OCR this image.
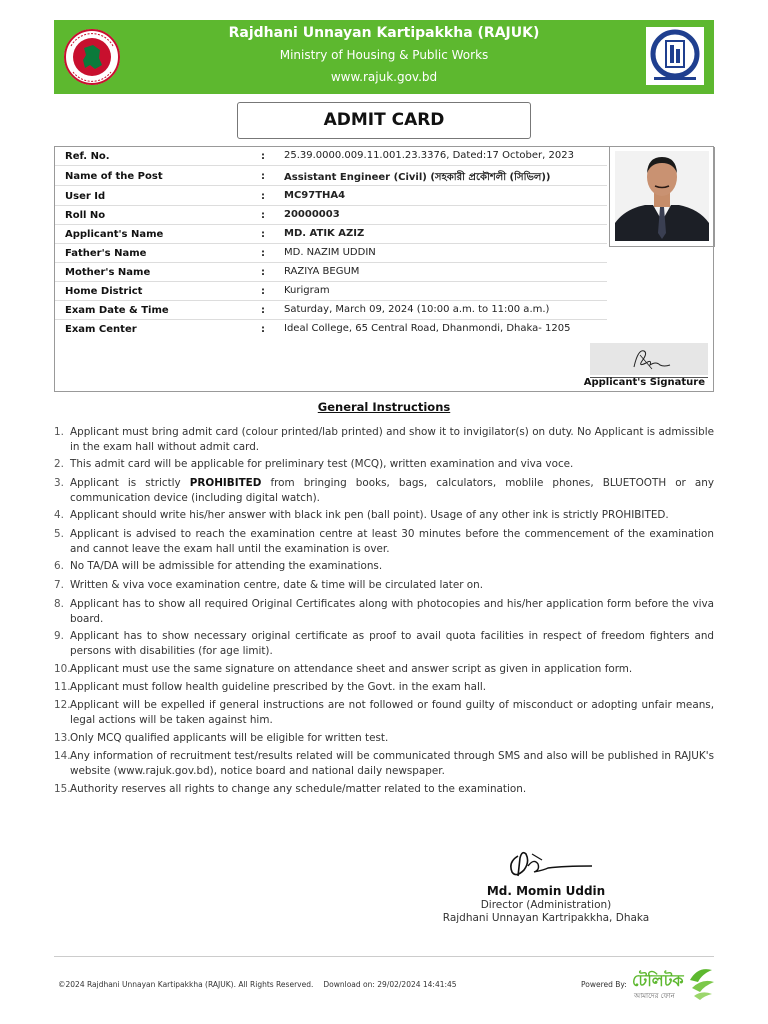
Rajdhani Unnayan Kartipakkha (RAJUK)
Ministry of Housing & Public Works
www.rajuk.gov.bd
ADMIT CARD
Ref. No.	: 25.39.0000.009.11.001.23.3376, Dated:17 October, 2023
Name of the Post	: Assistant Engineer (Civil) (সহকারী প্রকৌশলী (সিভিল))
User Id	: MC97THA4
Roll No	: 20000003
Applicant's Name	: MD. ATIK AZIZ
Father's Name	: MD. NAZIM UDDIN
Mother's Name	: RAZIYA BEGUM
Home District	: Kurigram
Exam Date & Time	: Saturday, March 09, 2024 (10:00 a.m. to 11:00 a.m.)
Exam Center	: Ideal College, 65 Central Road, Dhanmondi, Dhaka- 1205
Applicant's Signature
General Instructions
1. Applicant must bring admit card (colour printed/lab printed) and show it to invigilator(s) on duty. No Applicant is admissible in the exam hall without admit card.
2. This admit card will be applicable for preliminary test (MCQ), written examination and viva voce.
3. Applicant is strictly PROHIBITED from bringing books, bags, calculators, moblile phones, BLUETOOTH or any communication device (including digital watch).
4. Applicant should write his/her answer with black ink pen (ball point). Usage of any other ink is strictly PROHIBITED.
5. Applicant is advised to reach the examination centre at least 30 minutes before the commencement of the examination and cannot leave the exam hall until the examination is over.
6. No TA/DA will be admissible for attending the examinations.
7. Written & viva voce examination centre, date & time will be circulated later on.
8. Applicant has to show all required Original Certificates along with photocopies and his/her application form before the viva board.
9. Applicant has to show necessary original certificate as proof to avail quota facilities in respect of freedom fighters and persons with disabilities (for age limit).
10. Applicant must use the same signature on attendance sheet and answer script as given in application form.
11. Applicant must follow health guideline prescribed by the Govt. in the exam hall.
12. Applicant will be expelled if general instructions are not followed or found guilty of misconduct or adopting unfair means, legal actions will be taken against him.
13. Only MCQ qualified applicants will be eligible for written test.
14. Any information of recruitment test/results related will be communicated through SMS and also will be published in RAJUK's website (www.rajuk.gov.bd), notice board and national daily newspaper.
15. Authority reserves all rights to change any schedule/matter related to the examination.
Md. Momin Uddin
Director (Administration)
Rajdhani Unnayan Kartripakkha, Dhaka
©2024 Rajdhani Unnayan Kartipakkha (RAJUK). All Rights Reserved. Download on: 29/02/2024 14:41:45	Powered By: টেলিটক
আমাদের ফোন
